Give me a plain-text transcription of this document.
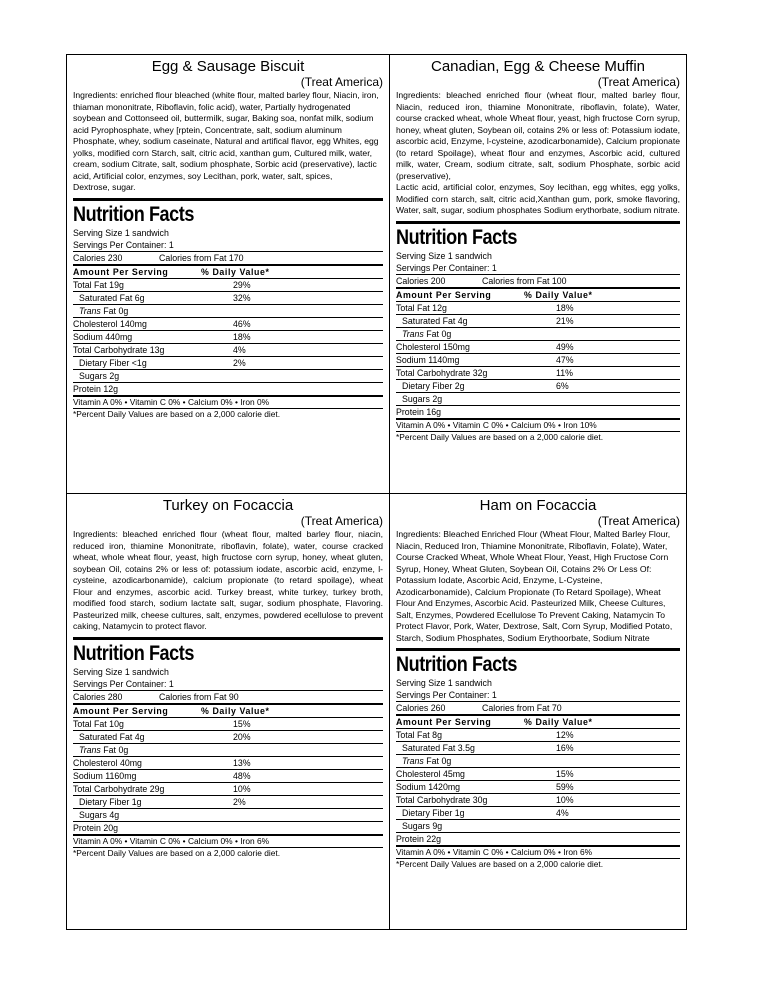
Egg & Sausage Biscuit
(Treat America)
Ingredients: enriched flour bleached (white flour, malted barley flour, Niacin, iron, thiaman mononitrate, Riboflavin, folic acid), water, Partially hydrogenated soybean and Cottonseed oil, buttermilk, sugar, Baking soa, nonfat milk, sodium acid Pyrophosphate, whey [rptein, Concentrate, salt, sodium aluminum Phosphate, whey, sodium caseinate, Natural and artifical flavor, egg Whites, egg yolks, modified corn Starch, salt, citric acid, xanthan gum, Cultured milk, water, cream, sodium Citrate, salt, sodium phosphate, Sorbic acid (preservative), lactic acid, Artificial color, enzymes, soy Lecithan, pork, water, salt, spices,
Dextrose, sugar.
Nutrition Facts
Serving Size 1 sandwich
Servings Per Container: 1
Calories 230	Calories from Fat 170
Amount Per Serving	% Daily Value*
Total Fat 19g	29%
Saturated Fat 6g	32%
Trans Fat 0g
Cholesterol 140mg	46%
Sodium 440mg	18%
Total Carbohydrate 13g	4%
Dietary Fiber <1g	2%
Sugars 2g
Protein 12g
Vitamin A 0% • Vitamin C 0% • Calcium 0% • Iron 0%
*Percent Daily Values are based on a 2,000 calorie diet.
Canadian, Egg & Cheese Muffin
(Treat America)
Ingredients: bleached enriched flour (wheat flour, malted barley flour, Niacin, reduced iron, thiamine Mononitrate, riboflavin, folate), Water, course cracked wheat, whole Wheat flour, yeast, high fructose Corn syrup, honey, wheat gluten, Soybean oil, cotains 2% or less of: Potassium iodate, ascorbic acid, Enzyme, l-cysteine, azodicarbonamide), Calcium propionate (to retard Spoilage), wheat flour and enzymes, Ascorbic acid, cultured milk, water, Cream, sodium citrate, salt, sodium Phosphate, sorbic acid (preservative),
Lactic acid, artificial color, enzymes, Soy lecithan, egg whites, egg yolks, Modified corn starch, salt, citric acid,Xanthan gum, pork, smoke flavoring, Water, salt, sugar, sodium phosphates Sodium erythorbate, sodium nitrate.
Nutrition Facts
Serving Size 1 sandwich
Servings Per Container: 1
Calories 200	Calories from Fat 100
Amount Per Serving	% Daily Value*
Total Fat 12g	18%
Saturated Fat 4g	21%
Trans Fat 0g
Cholesterol 150mg	49%
Sodium 1140mg	47%
Total Carbohydrate 32g	11%
Dietary Fiber 2g	6%
Sugars 2g
Protein 16g
Vitamin A 0% • Vitamin C 0% • Calcium 0% • Iron 10%
*Percent Daily Values are based on a 2,000 calorie diet.
Turkey on Focaccia
(Treat America)
Ingredients: bleached enriched flour (wheat flour, malted barley flour, niacin, reduced iron, thiamine Mononitrate, riboflavin, folate), water, course cracked wheat, whole wheat flour, yeast, high fructose corn syrup, honey, wheat gluten, soybean Oil, cotains 2% or less of: potassium iodate, ascorbic acid, enzyme, l-cysteine, azodicarbonamide), calcium propionate (to retard spoilage), wheat Flour and enzymes, ascorbic acid. Turkey breast, white turkey, turkey broth, modified food starch, sodium lactate salt, sugar, sodium phosphate, Flavoring. Pasteurized milk, cheese cultures, salt, enzymes, powdered ecellulose to prevent caking, Natamycin to protect flavor.
Nutrition Facts
Serving Size 1 sandwich
Servings Per Container: 1
Calories 280	Calories from Fat 90
Amount Per Serving	% Daily Value*
Total Fat 10g	15%
Saturated Fat 4g	20%
Trans Fat 0g
Cholesterol 40mg	13%
Sodium 1160mg	48%
Total Carbohydrate 29g	10%
Dietary Fiber 1g	2%
Sugars 4g
Protein 20g
Vitamin A 0% • Vitamin C 0% • Calcium 0% • Iron 6%
*Percent Daily Values are based on a 2,000 calorie diet.
Ham on Focaccia
(Treat America)
Ingredients: Bleached Enriched Flour (Wheat Flour, Malted Barley Flour, Niacin, Reduced Iron, Thiamine Mononitrate, Riboflavin, Folate), Water, Course Cracked Wheat, Whole Wheat Flour, Yeast, High Fructose Corn Syrup, Honey, Wheat Gluten, Soybean Oil, Cotains 2% Or Less Of:
Potassium Iodate, Ascorbic Acid, Enzyme, L-Cysteine, Azodicarbonamide), Calcium Propionate (To Retard Spoilage), Wheat Flour And Enzymes, Ascorbic Acid. Pasteurized Milk, Cheese Cultures, Salt, Enzymes, Powdered Ecellulose To Prevent Caking, Natamycin To Protect Flavor, Pork, Water, Dextrose, Salt, Corn Syrup, Modified Potato, Starch, Sodium Phosphates, Sodium Erythoorbate, Sodium Nitrate
Nutrition Facts
Serving Size 1 sandwich
Servings Per Container: 1
Calories 260	Calories from Fat 70
Amount Per Serving	% Daily Value*
Total Fat 8g	12%
Saturated Fat 3.5g	16%
Trans Fat 0g
Cholesterol 45mg	15%
Sodium 1420mg	59%
Total Carbohydrate 30g	10%
Dietary Fiber 1g	4%
Sugars 9g
Protein 22g
Vitamin A 0% • Vitamin C 0% • Calcium 0% • Iron 6%
*Percent Daily Values are based on a 2,000 calorie diet.
